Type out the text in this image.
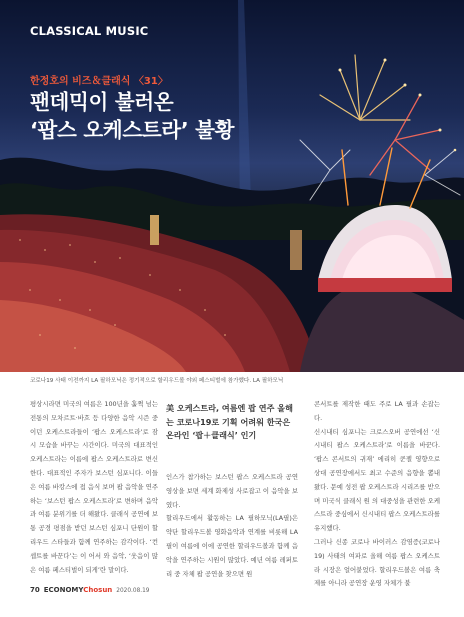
CLASSICAL MUSIC
한정호의 비즈＆클래식 〈31〉
팬데믹이 불러온
‘팝스 오케스트라’ 불황
코로나19 사태 이전까지 LA 필하모닉은 정기적으로 할리우드볼 야외 페스티벌에 참가했다. LA 필하모닉

평상시라면 미국의 여름은 100년을 훌쩍 넘는 전통의 모차르트·바흐 등 다양한 음악 시즌 중이던 오케스트라들이 ‘팝스 오케스트라’로 잠시 모습을 바꾸는 시간이다. 미국의 대표적인 오케스트라는 이름에 팝스 오케스트라로 변신한다. 대표적인 주자가 보스턴 심포니다. 이들은 여름 바캉스에 접 음식 보며 팝 음악을 연주하는 ‘보스턴 팝스 오케스트라’로 변하며 음악과 여름 분위기를 더 해왔다. 클래식 공연에 보통 공경 평점을 받던 보스턴 심포니 단원이 할리우드 스타들과 함께 연주하는 감각이다. ‘컨셉트를 바꾼다’는 이 어서 와 음악, ‘웃음이 많은 여름 페스티벌이 되게’란 말이다.

美 오케스트라, 여름엔 팝 연주 올해는 코로나19로 기획 어려워 한국은 온라인 ‘팝＋클래식’ 인기

인스가 참가하는 보스턴 팝스 오케스트라 공연 영상을 보면 세계 화제성 사로잡고 이 음악을 보였다.

할리우드에서 활동하는 LA 필하모닉(LA필)은 약단 할리우드볼 영화음악과 연계를 비롯해 LA 필이 여름에 이에 공연한 할리우드볼과 함께 음악을 연주하는 시원이 많았다. 예년 여름 레퍼토리 중 자체 팝 공연을 찾으면 원

콘서트를 제작한 때도 주로 LA 필과 손잡는다.

신시내티 심포니는 크로스오버 공연에선 ‘신시내티 팝스 오케스트라’로 이름을 바꾼다. ‘팝스 콘서트의 귀재’ 에리히 쿤젤 영향으로 상대 공연장에서도 최고 수준의 음향을 뽐내왔다. 문예 성전 팝 오케스트라 시리즈를 받으며 미국식 클래식 원 의 대중성을 관련한 오케스트라 중심에서 신시내티 팝스 오케스트라를 유지했다.

그러나 신종 코로나 바이러스 감염증(코로나19) 사태의 여파로 올해 여름 팝스 오케스트라 시장은 얼어붙었다. 할리우드볼은 여름 축제를 아니라 공연장 운영 자체가 불

70 ECONOMYChosun 2020.08.19
